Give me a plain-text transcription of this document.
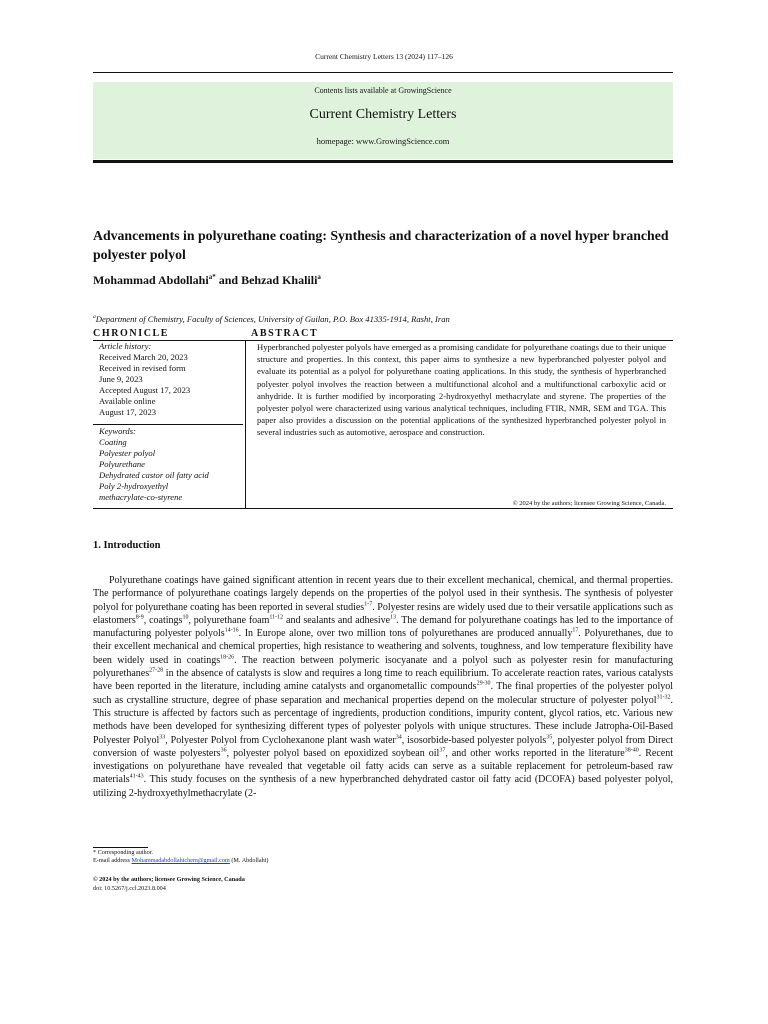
Current Chemistry Letters 13 (2024) 117–126
Contents lists available at GrowingScience
Current Chemistry Letters
homepage: www.GrowingScience.com
Advancements in polyurethane coating: Synthesis and characterization of a novel hyper branched polyester polyol
Mohammad Abdollahi$^{a*}$ and Behzad Khalili$^a$
$^a$Department of Chemistry, Faculty of Sciences, University of Guilan, P.O. Box 41335-1914, Rasht, Iran
CHRONICLE	ABSTRACT
Article history:
Received March 20, 2023
Received in revised form
June 9, 2023
Accepted August 17, 2023
Available online
August 17, 2023
Keywords:
Coating
Polyester polyol
Polyurethane
Dehydrated castor oil fatty acid
Poly 2-hydroxyethyl
methacrylate-co-styrene
Hyperbranched polyester polyols have emerged as a promising candidate for polyurethane coatings due to their unique structure and properties. In this context, this paper aims to synthesize a new hyperbranched polyester polyol and evaluate its potential as a polyol for polyurethane coating applications. In this study, the synthesis of hyperbranched polyester polyol involves the reaction between a multifunctional alcohol and a multifunctional carboxylic acid or anhydride. It is further modified by incorporating 2-hydroxyethyl methacrylate and styrene. The properties of the polyester polyol were characterized using various analytical techniques, including FTIR, NMR, SEM and TGA. This paper also provides a discussion on the potential applications of the synthesized hyperbranched polyester polyol in several industries such as automotive, aerospace and construction.
© 2024 by the authors; licensee Growing Science, Canada.
1. Introduction
Polyurethane coatings have gained significant attention in recent years due to their excellent mechanical, chemical, and thermal properties. The performance of polyurethane coatings largely depends on the properties of the polyol used in their synthesis. The synthesis of polyester polyol for polyurethane coating has been reported in several studies$^{1-7}$. Polyester resins are widely used due to their versatile applications such as elastomers$^{8-9}$, coatings$^{10}$, polyurethane foam$^{11-12}$ and sealants and adhesive$^{13}$. The demand for polyurethane coatings has led to the importance of manufacturing polyester polyols$^{14-16}$. In Europe alone, over two million tons of polyurethanes are produced annually$^{17}$. Polyurethanes, due to their excellent mechanical and chemical properties, high resistance to weathering and solvents, toughness, and low temperature flexibility have been widely used in coatings$^{18-26}$. The reaction between polymeric isocyanate and a polyol such as polyester resin for manufacturing polyurethanes$^{27-28}$ in the absence of catalysts is slow and requires a long time to reach equilibrium. To accelerate reaction rates, various catalysts have been reported in the literature, including amine catalysts and organometallic compounds$^{29-30}$. The final properties of the polyester polyol such as crystalline structure, degree of phase separation and mechanical properties depend on the molecular structure of polyester polyol$^{31-32}$. This structure is affected by factors such as percentage of ingredients, production conditions, impurity content, glycol ratios, etc. Various new methods have been developed for synthesizing different types of polyester polyols with unique structures. These include Jatropha-Oil-Based Polyester Polyol$^{33}$, Polyester Polyol from Cyclohexanone plant wash water$^{34}$, isosorbide-based polyester polyols$^{35}$, polyester polyol from Direct conversion of waste polyesters$^{36}$, polyester polyol based on epoxidized soybean oil$^{37}$, and other works reported in the literature$^{38-40}$. Recent investigations on polyurethane have revealed that vegetable oil fatty acids can serve as a suitable replacement for petroleum-based raw materials$^{41-43}$. This study focuses on the synthesis of a new hyperbranched dehydrated castor oil fatty acid (DCOFA) based polyester polyol, utilizing 2-hydroxyethylmethacrylate (2-
* Corresponding author.
E-mail address Mohammadabdollahichem@gmail.com (M. Abdollahi)
© 2024 by the authors; licensee Growing Science, Canada
doi: 10.5267/j.ccl.2023.8.004
